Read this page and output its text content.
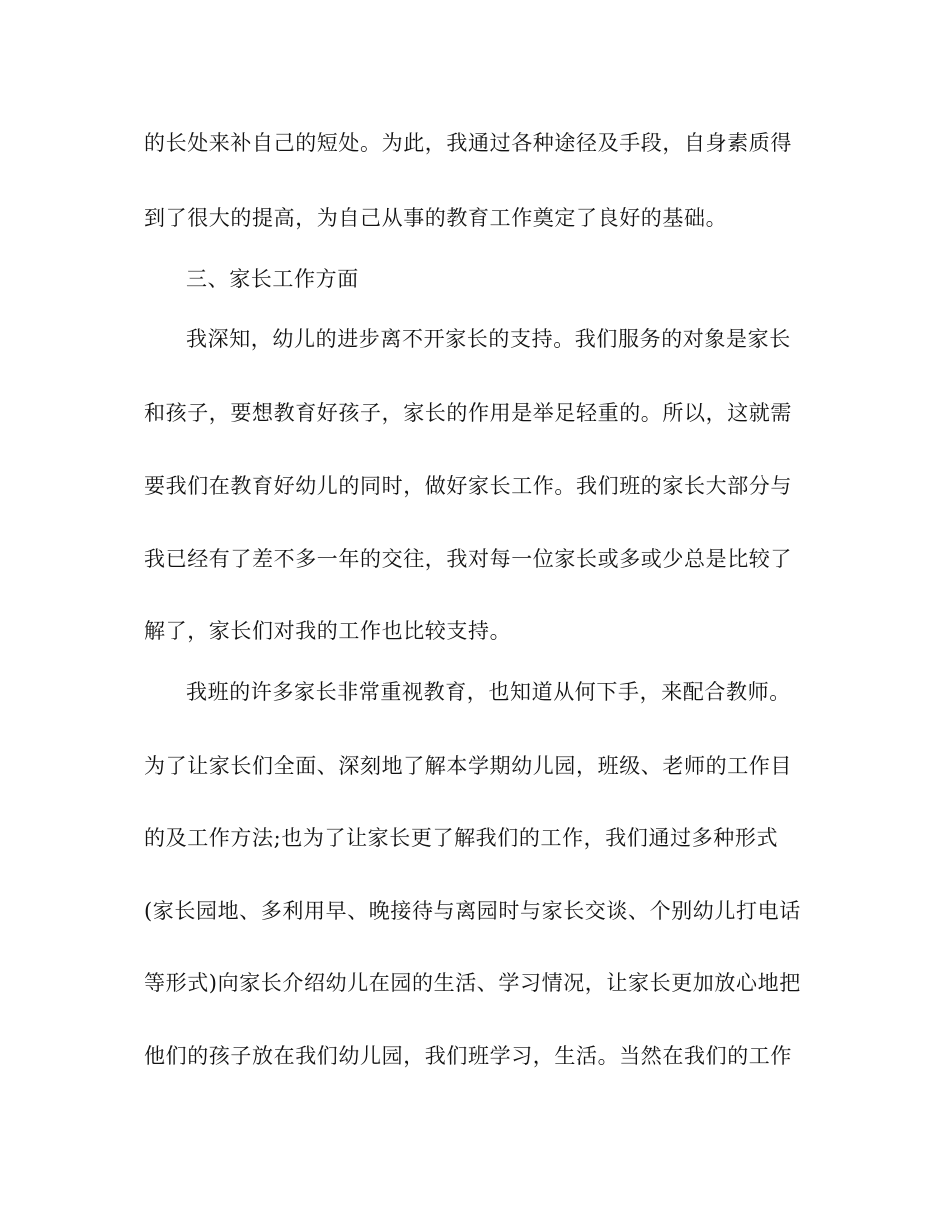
的长处来补自己的短处。为此，我通过各种途径及手段，自身素质得
到了很大的提高，为自己从事的教育工作奠定了良好的基础。
三、家长工作方面
我深知，幼儿的进步离不开家长的支持。我们服务的对象是家长
和孩子，要想教育好孩子，家长的作用是举足轻重的。所以，这就需
要我们在教育好幼儿的同时，做好家长工作。我们班的家长大部分与
我已经有了差不多一年的交往，我对每一位家长或多或少总是比较了
解了，家长们对我的工作也比较支持。
我班的许多家长非常重视教育，也知道从何下手，来配合教师。
为了让家长们全面、深刻地了解本学期幼儿园，班级、老师的工作目
的及工作方法;也为了让家长更了解我们的工作，我们通过多种形式
(家长园地、多利用早、晚接待与离园时与家长交谈、个别幼儿打电话
等形式)向家长介绍幼儿在园的生活、学习情况，让家长更加放心地把
他们的孩子放在我们幼儿园，我们班学习，生活。当然在我们的工作
